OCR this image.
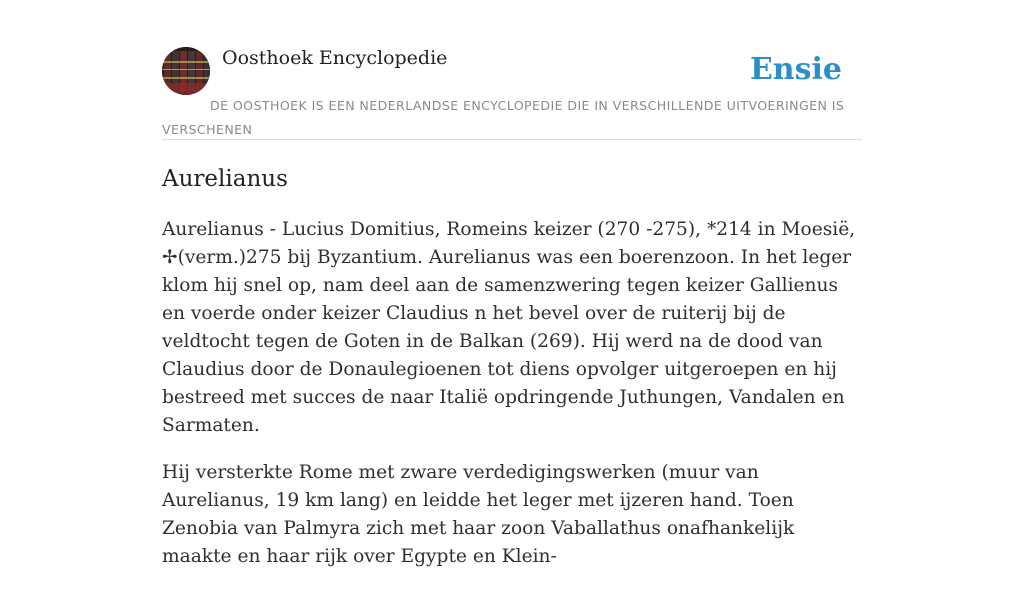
Oosthoek Encyclopedie	Ensie
DE OOSTHOEK IS EEN NEDERLANDSE ENCYCLOPEDIE DIE IN VERSCHILLENDE UITVOERINGEN IS VERSCHENEN
Aurelianus

Aurelianus - Lucius Domitius, Romeins keizer (270 -275), *214 in Moesië, ✢(verm.)275 bij Byzantium. Aurelianus was een boerenzoon. In het leger klom hij snel op, nam deel aan de samenzwering tegen keizer Gallienus en voerde onder keizer Claudius n het bevel over de ruiterij bij de veldtocht tegen de Goten in de Balkan (269). Hij werd na de dood van Claudius door de Donaulegioenen tot diens opvolger uitgeroepen en hij bestreed met succes de naar Italië opdringende Juthungen, Vandalen en Sarmaten.

Hij versterkte Rome met zware verdedigingswerken (muur van Aurelianus, 19 km lang) en leidde het leger met ijzeren hand. Toen Zenobia van Palmyra zich met haar zoon Vaballathus onafhankelijk maakte en haar rijk over Egypte en Klein-
